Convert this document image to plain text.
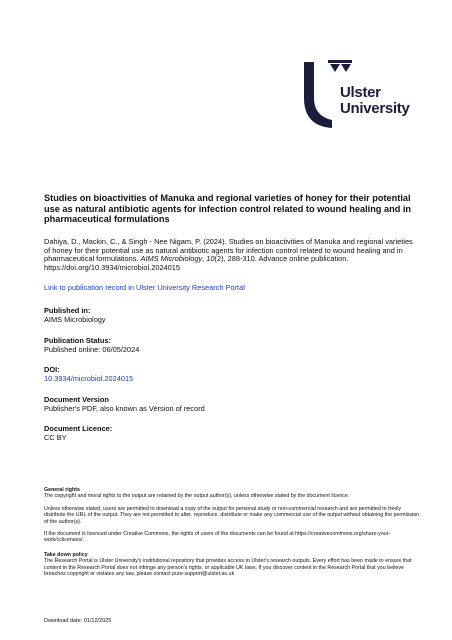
Ulster
University
Studies on bioactivities of Manuka and regional varieties of honey for their potential use as natural antibiotic agents for infection control related to wound healing and in pharmaceutical formulations
Dahiya, D., Mackin, C., & Singh - Nee Nigam, P. (2024). Studies on bioactivities of Manuka and regional varieties of honey for their potential use as natural antibiotic agents for infection control related to wound healing and in pharmaceutical formulations. AIMS Microbiology, 10(2), 288-310. Advance online publication. https://doi.org/10.3934/microbiol.2024015
Link to publication record in Ulster University Research Portal
Published in:
AIMS Microbiology
Publication Status:
Published online: 06/05/2024
DOI:
10.3934/microbiol.2024015
Document Version
Publisher's PDF, also known as Version of record
Document Licence:
CC BY
General rights
The copyright and moral rights to the output are retained by the output author(s), unless otherwise stated by the document licence.
Unless otherwise stated, users are permitted to download a copy of the output for personal study or non-commercial research and are permitted to freely distribute the URL of the output. They are not permitted to alter, reproduce, distribute or make any commercial use of the output without obtaining the permission of the author(s).
If the document is licenced under Creative Commons, the rights of users of the documents can be found at https://creativecommons.org/share-your-work/cclicenses/.
Take down policy
The Research Portal is Ulster University's institutional repository that provides access to Ulster's research outputs. Every effort has been made to ensure that content in the Research Portal does not infringe any person's rights, or applicable UK laws. If you discover content in the Research Portal that you believe breaches copyright or violates any law, please contact pure-support@ulster.ac.uk
Download date: 01/12/2025
